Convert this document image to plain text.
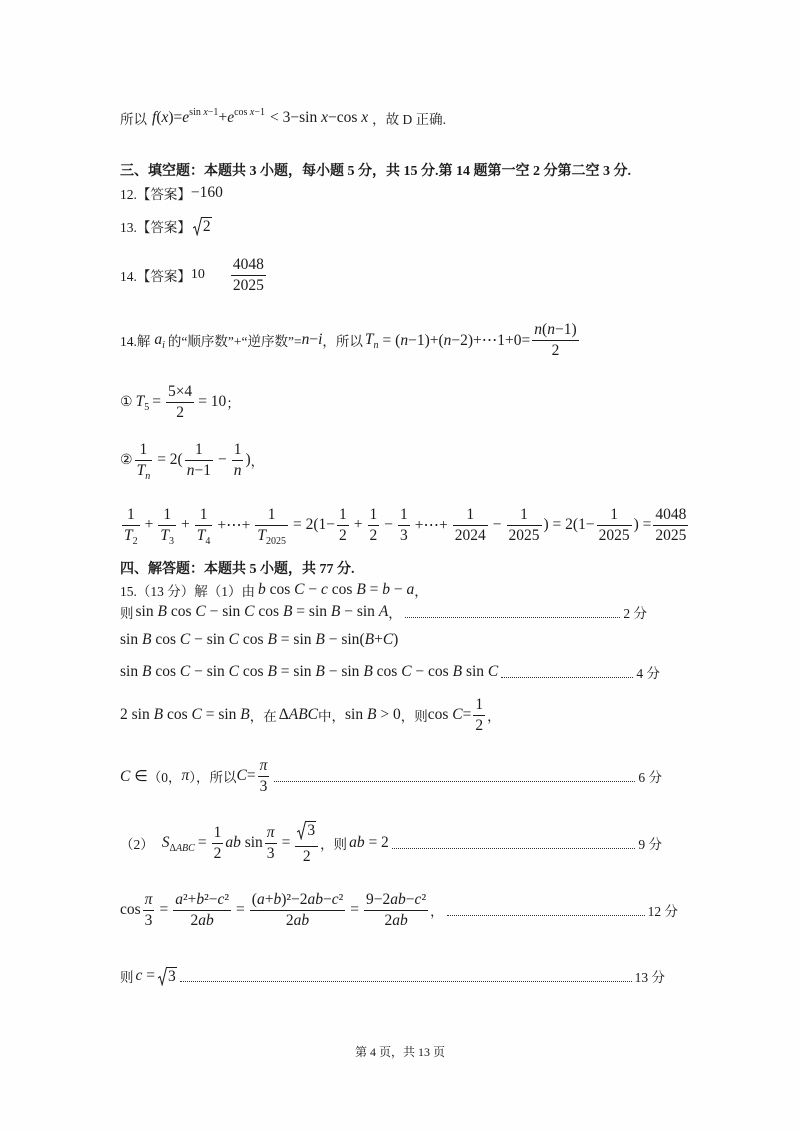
所以 $f(x)=e^{sin x-1}+e^{cos x-1} < 3-\sin$ x−cos x ，故 D 正确.
三、填空题：本题共 3 小题，每小题 5 分，共 15 分.第 14 题第一空 2 分第二空 3 分.
12.【答案】 −160
13.【答案】 2
14.【答案】 $10 \frac{4048}{2025}$
14.解 $a_i$ 的“顺序数”+“逆序数”= n−i ，所以 $T_n$ = (n−1)+(n−2)+⋯1+0= $\frac{n(n-1)}{2}$
① $T_5 = \frac{5\times 4}{2} = 10$ ；
② $\frac{1}{T_n} = 2( \frac{1}{n-1} - \frac{1}{n}$ ) ，
$\frac{1}{T_2} + \frac{1}{T_3} + \frac{1}{T_4}$ +⋯+ $\frac{1}{T_{2025}} = 2(1- \frac{1}{2} + \frac{1}{2} - \frac{1}{3}$ +⋯+ $\frac{1}{2024} - \frac{1}{2025}$ ) = $2(1- \frac{1}{2025}$ ) = $\frac{4048}{2025}$
四、解答题：本题共 5 小题，共 77 分.
15.（13 分）解（1）由 b cos C − c cos B = b − a ，
则 sin B cos C − sin C cos B = sin B − sin A ，	2 分
sin B cos C − sin C cos B = sin B − sin(B+C)
sin B cos C − sin C cos B = sin B − sin B cos C − cos B sin C	4 分
2 sin B cos C = sin B ，在 ΔABC 中， sin B > 0 ，则 $\cos C= \frac{1}{2}$ ，
C ∈ （0， π ），所以 $C= \frac{\pi}{3}$	6 分
（2） $S_{\Delta ABC} = \frac{1}{2}$ ab $\sin \frac{\pi}{3} = \frac{3}{2}$ ，则 ab = 2	9 分
$\cos \frac{\pi}{3} = \frac{\text{a²+b²−c²}}{2ab} = \frac{\text{(a+b)²−2ab−c²}}{2ab} = \frac{\text{9−2ab−c²}}{2ab}$ ，	12 分
则 c = 3	13 分
第 4 页，共 13 页
